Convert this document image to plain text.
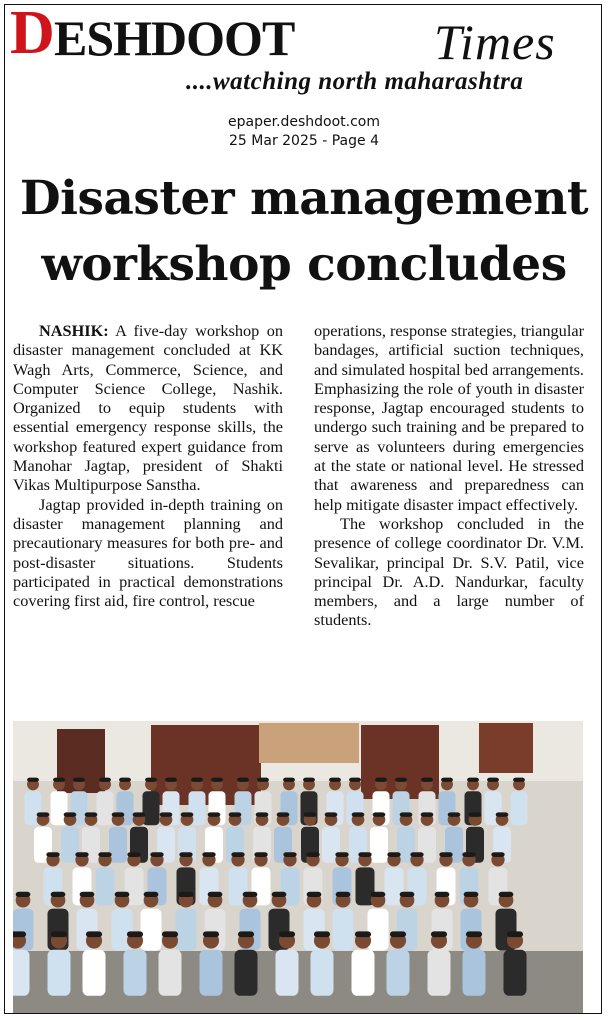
D ESHDOOT	Times
....watching north maharashtra
epaper.deshdoot.com
25 Mar 2025 - Page 4
Disaster management
workshop concludes

NASHIK: A five-day workshop on disaster management concluded at KK Wagh Arts, Commerce, Science, and Computer Science College, Nashik. Organized to equip students with essential emergency response skills, the workshop featured expert guidance from Manohar Jagtap, president of Shakti Vikas Multipurpose Sanstha.

Jagtap provided in-depth training on disaster management planning and precautionary measures for both pre- and post-disaster situations. Students participated in practical demonstrations covering first aid, fire control, rescue

operations, response strategies, triangular bandages, artificial suction techniques, and simulated hospital bed arrangements. Emphasizing the role of youth in disaster response, Jagtap encouraged students to undergo such training and be prepared to serve as volunteers during emergencies at the state or national level. He stressed that awareness and preparedness can help mitigate disaster impact effectively.

The workshop concluded in the presence of college coordinator Dr. V.M. Sevalikar, principal Dr. S.V. Patil, vice principal Dr. A.D. Nandurkar, faculty members, and a large number of students.
